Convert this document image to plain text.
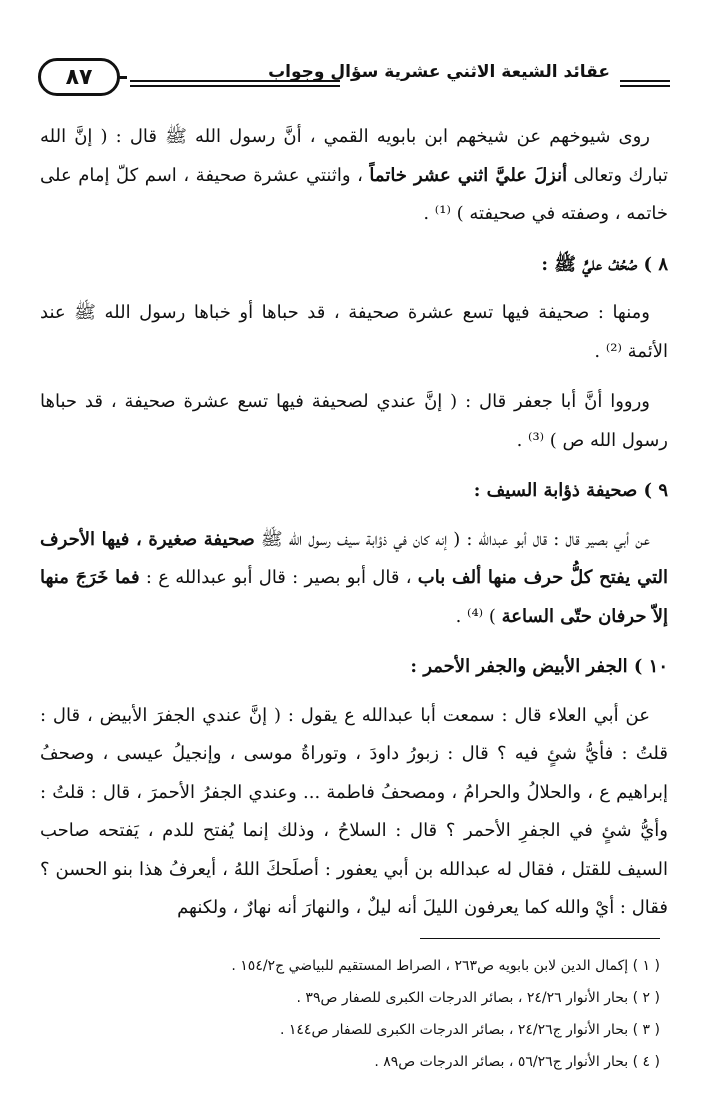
٨٧	عقائد الشيعة الاثني عشرية سؤال وجواب

روى شيوخهم عن شيخهم ابن بابويه القمي ، أنَّ رسول الله ﷺ قال : ( إنَّ الله تبارك وتعالى أنزلَ عليَّ اثني عشر خاتماً ، واثنتي عشرة صحيفة ، اسم كلّ إمام على خاتمه ، وصفته في صحيفته ) ⁽¹⁾ .

٨ ) صُحُفُ عليٍّ ﷺ :

ومنها : صحيفة فيها تسع عشرة صحيفة ، قد حباها أو خباها رسول الله ﷺ عند الأئمة ⁽²⁾ .

ورووا أنَّ أبا جعفر قال : ( إنَّ عندي لصحيفة فيها تسع عشرة صحيفة ، قد حباها رسول الله ص ) ⁽³⁾ .

٩ ) صحيفة ذؤابة السيف :

عن أبي بصير قال : قال أبو عبدالله : ( إنه كان في ذؤابة سيف رسول الله ﷺ صحيفة صغيرة ، فيها الأحرف التي يفتح كلُّ حرف منها ألف باب ، قال أبو بصير : قال أبو عبدالله ع : فما خَرَجَ منها إلاّ حرفان حتّى الساعة ) ⁽⁴⁾ .

١٠ ) الجفر الأبيض والجفر الأحمر :

عن أبي العلاء قال : سمعت أبا عبدالله ع يقول : ( إنَّ عندي الجفرَ الأبيض ، قال : قلتُ : فأيُّ شئٍ فيه ؟ قال : زبورُ داودَ ، وتوراةُ موسى ، وإنجيلُ عيسى ، وصحفُ إبراهيم ع ، والحلالُ والحرامُ ، ومصحفُ فاطمة ... وعندي الجفرُ الأحمرَ ، قال : قلتُ : وأيُّ شئٍ في الجفرِ الأحمر ؟ قال : السلاحُ ، وذلك إنما يُفتح للدم ، يَفتحه صاحب السيف للقتل ، فقال له عبدالله بن أبي يعفور : أصلَحكَ اللهُ ، أيعرفُ هذا بنو الحسن ؟ فقال : أيْ والله كما يعرفون الليلَ أنه ليلٌ ، والنهارَ أنه نهارٌ ، ولكنهم

( ١ ) إكمال الدين لابن بابويه ص٢٦٣ ، الصراط المستقيم للبياضي ج١٥٤/٢ .
( ٢ ) بحار الأنوار ٢٤/٢٦ ، بصائر الدرجات الكبرى للصفار ص٣٩ .
( ٣ ) بحار الأنوار ج٢٤/٢٦ ، بصائر الدرجات الكبرى للصفار ص١٤٤ .
( ٤ ) بحار الأنوار ج٥٦/٢٦ ، بصائر الدرجات ص٨٩ .
